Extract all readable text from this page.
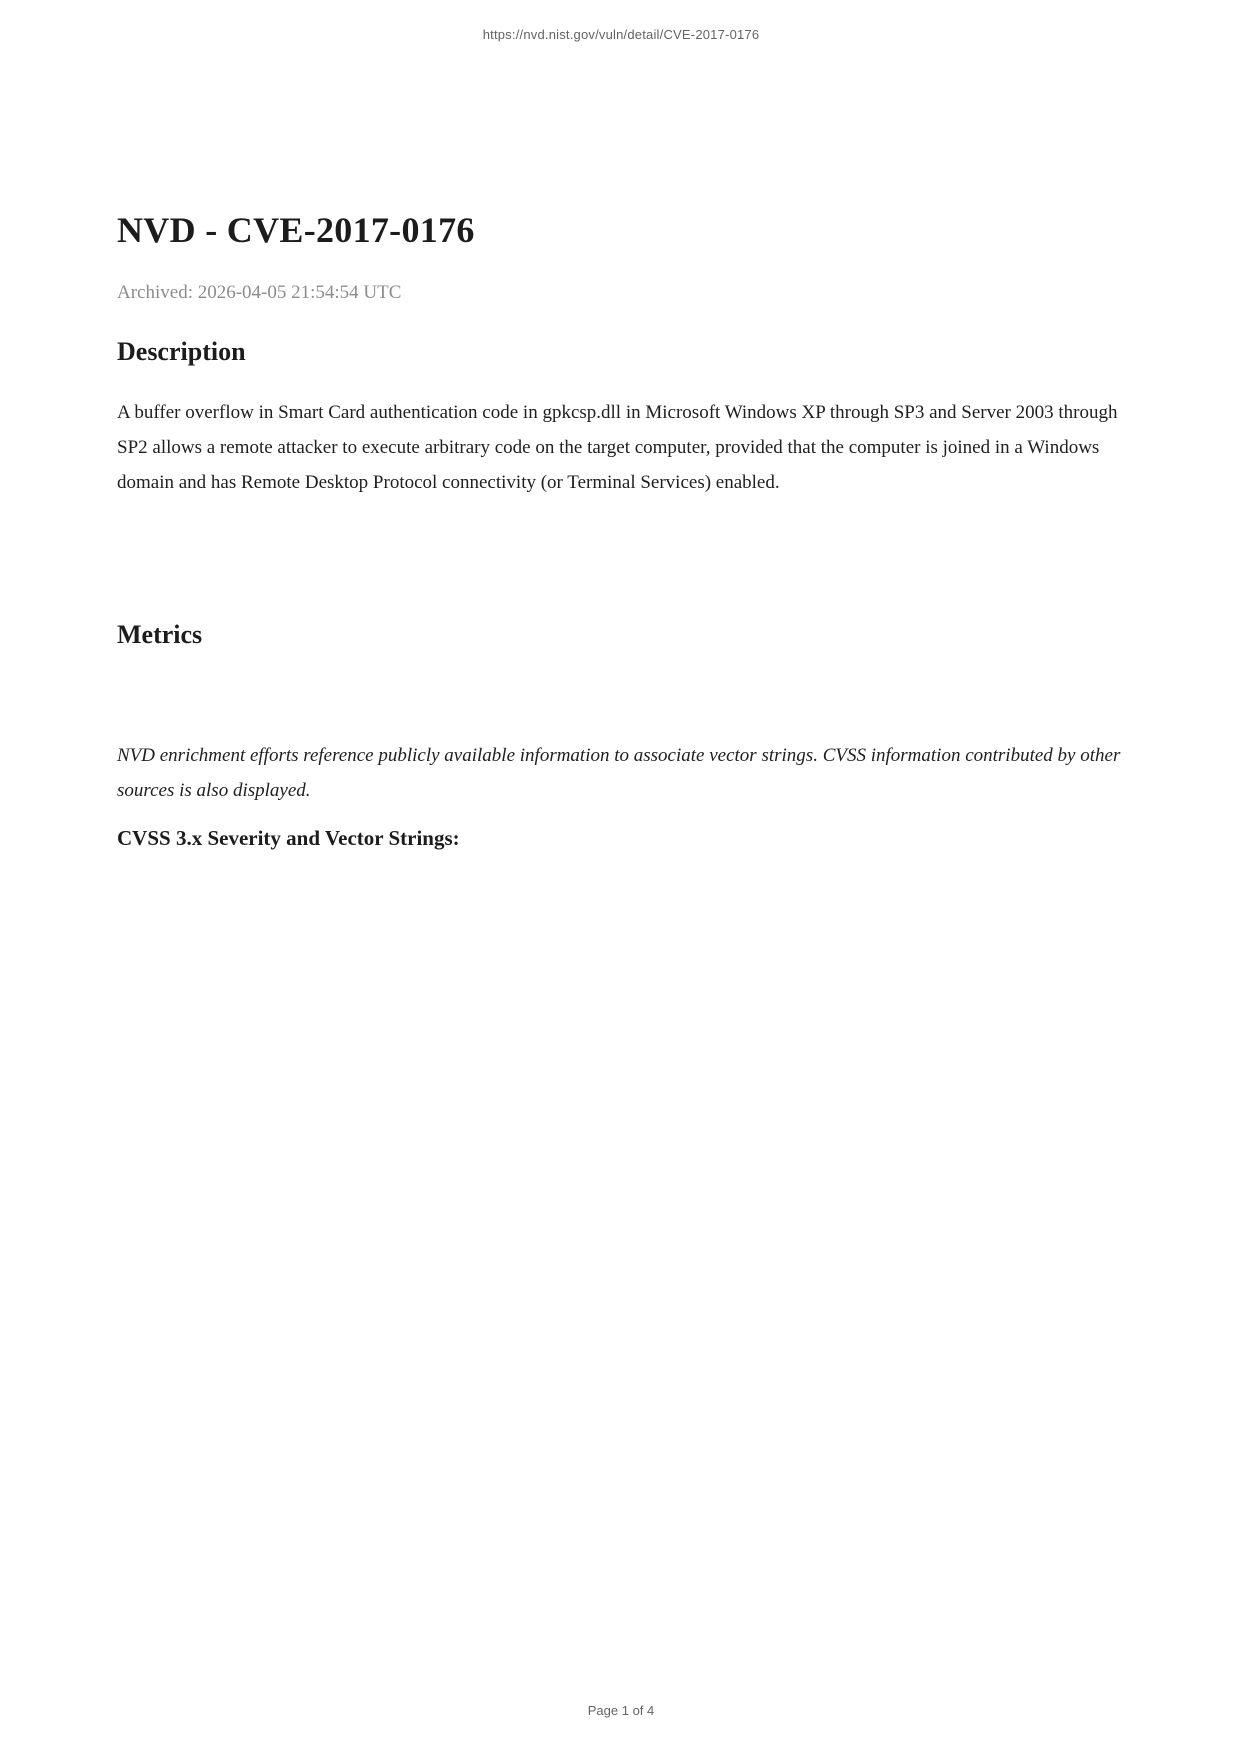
https://nvd.nist.gov/vuln/detail/CVE-2017-0176
NVD - CVE-2017-0176

Archived: 2026-04-05 21:54:54 UTC

Description

A buffer overflow in Smart Card authentication code in gpkcsp.dll in Microsoft Windows XP through SP3 and Server 2003 through SP2 allows a remote attacker to execute arbitrary code on the target computer, provided that the computer is joined in a Windows domain and has Remote Desktop Protocol connectivity (or Terminal Services) enabled.

Metrics

NVD enrichment efforts reference publicly available information to associate vector strings. CVSS information contributed by other sources is also displayed.

CVSS 3.x Severity and Vector Strings:
Page 1 of 4
